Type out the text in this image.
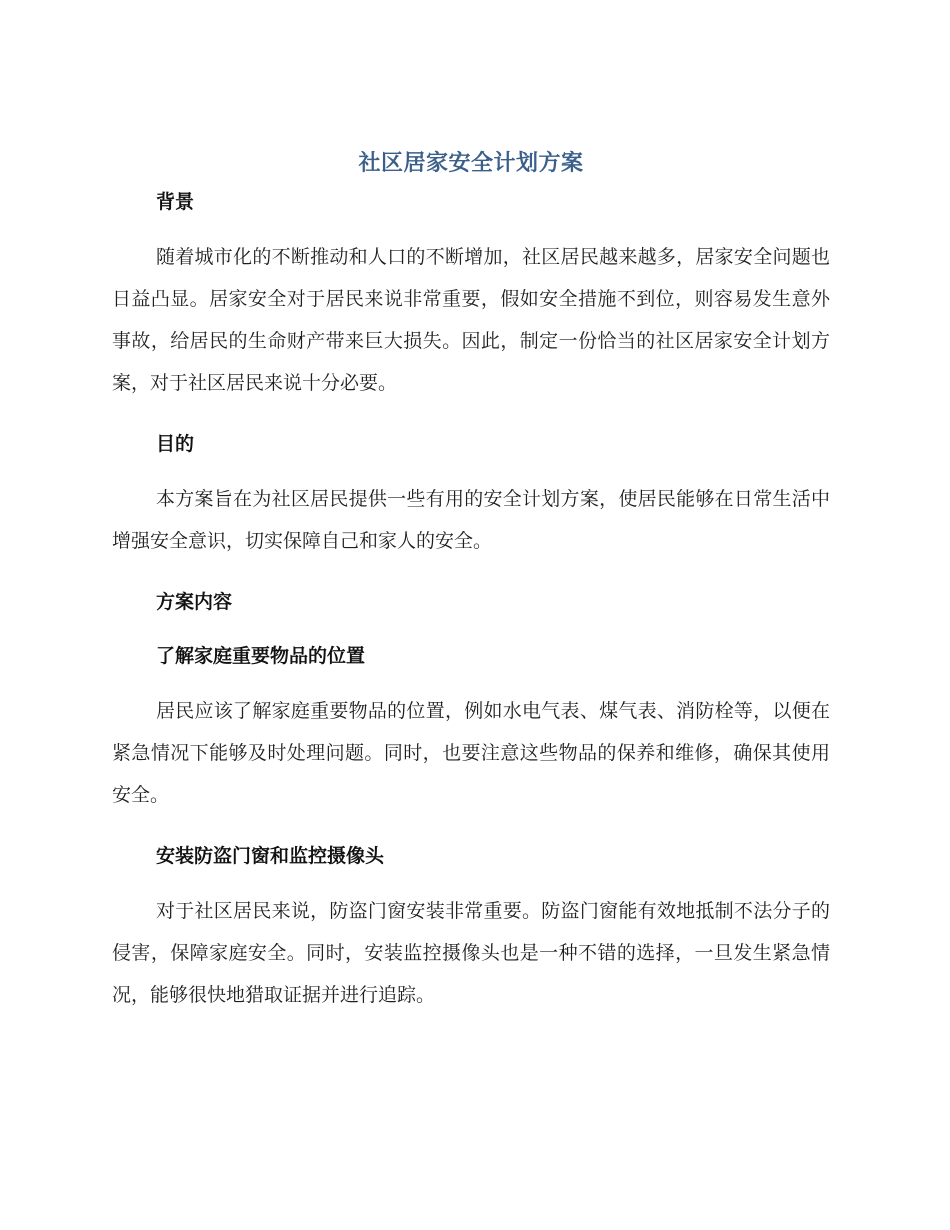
社区居家安全计划方案
背景

随着城市化的不断推动和人口的不断增加，社区居民越来越多，居家安全问题也日益凸显。居家安全对于居民来说非常重要，假如安全措施不到位，则容易发生意外事故，给居民的生命财产带来巨大损失。因此，制定一份恰当的社区居家安全计划方案，对于社区居民来说十分必要。

目的

本方案旨在为社区居民提供一些有用的安全计划方案，使居民能够在日常生活中增强安全意识，切实保障自己和家人的安全。

方案内容
了解家庭重要物品的位置

居民应该了解家庭重要物品的位置，例如水电气表、煤气表、消防栓等，以便在紧急情况下能够及时处理问题。同时，也要注意这些物品的保养和维修，确保其使用安全。

安装防盗门窗和监控摄像头

对于社区居民来说，防盗门窗安装非常重要。防盗门窗能有效地抵制不法分子的侵害，保障家庭安全。同时，安装监控摄像头也是一种不错的选择，一旦发生紧急情况，能够很快地猎取证据并进行追踪。
